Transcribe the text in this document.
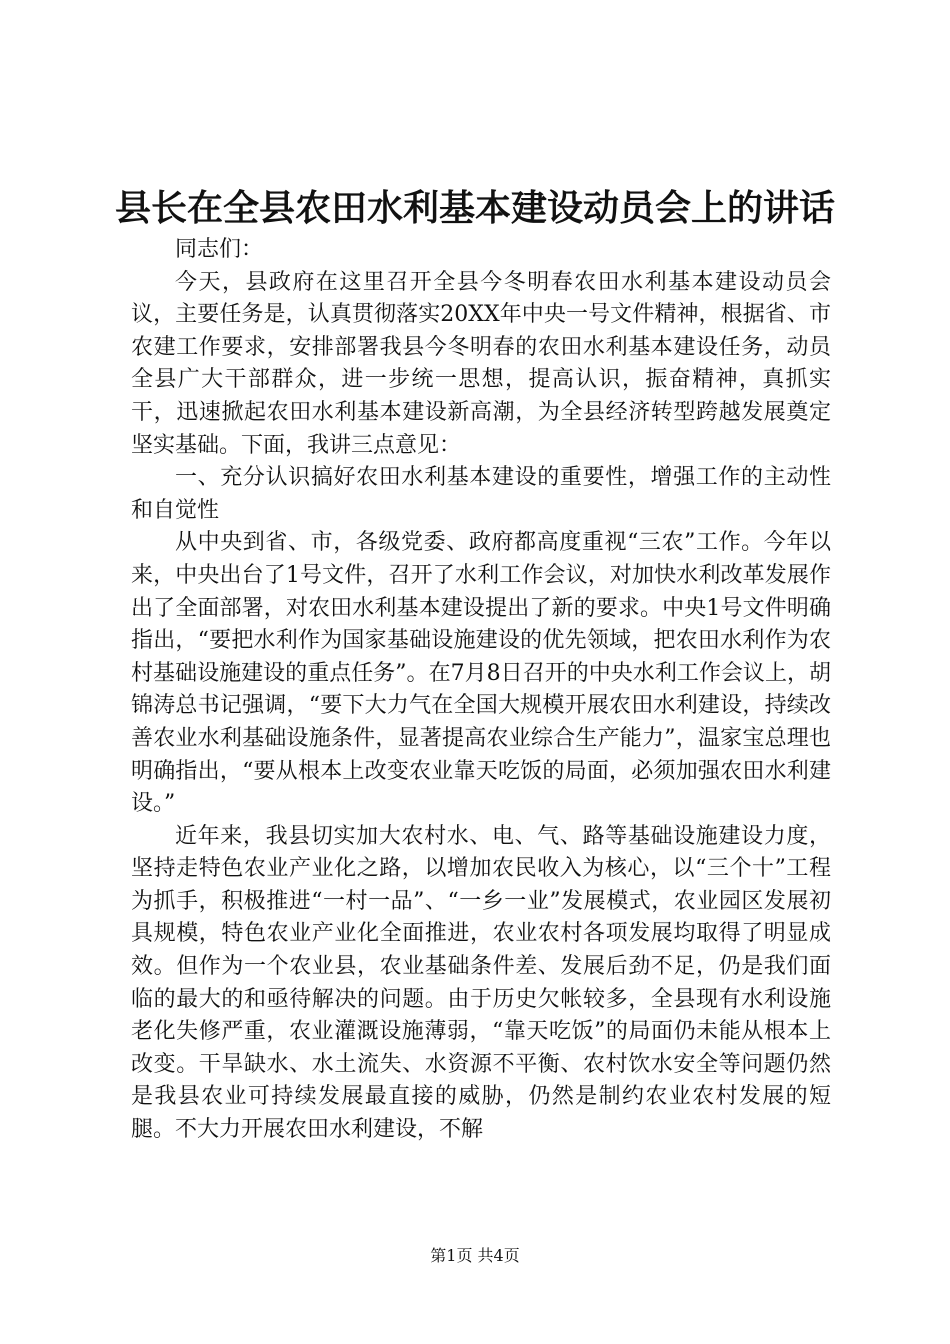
县长在全县农田水利基本建设动员会上的讲话

同志们：

今天，县政府在这里召开全县今冬明春农田水利基本建设动员会议，主要任务是，认真贯彻落实20XX年中央一号文件精神，根据省、市农建工作要求，安排部署我县今冬明春的农田水利基本建设任务，动员全县广大干部群众，进一步统一思想，提高认识，振奋精神，真抓实干，迅速掀起农田水利基本建设新高潮，为全县经济转型跨越发展奠定坚实基础。下面，我讲三点意见：

一、充分认识搞好农田水利基本建设的重要性，增强工作的主动性和自觉性

从中央到省、市，各级党委、政府都高度重视“三农”工作。今年以来，中央出台了1号文件，召开了水利工作会议，对加快水利改革发展作出了全面部署，对农田水利基本建设提出了新的要求。中央1号文件明确指出，“要把水利作为国家基础设施建设的优先领域，把农田水利作为农村基础设施建设的重点任务”。在7月8日召开的中央水利工作会议上，胡锦涛总书记强调，“要下大力气在全国大规模开展农田水利建设，持续改善农业水利基础设施条件，显著提高农业综合生产能力”，温家宝总理也明确指出，“要从根本上改变农业靠天吃饭的局面，必须加强农田水利建设。”

近年来，我县切实加大农村水、电、气、路等基础设施建设力度，坚持走特色农业产业化之路，以增加农民收入为核心，以“三个十”工程为抓手，积极推进“一村一品”、“一乡一业”发展模式，农业园区发展初具规模，特色农业产业化全面推进，农业农村各项发展均取得了明显成效。但作为一个农业县，农业基础条件差、发展后劲不足，仍是我们面临的最大的和亟待解决的问题。由于历史欠帐较多，全县现有水利设施老化失修严重，农业灌溉设施薄弱，“靠天吃饭”的局面仍未能从根本上改变。干旱缺水、水土流失、水资源不平衡、农村饮水安全等问题仍然是我县农业可持续发展最直接的威胁，仍然是制约农业农村发展的短腿。不大力开展农田水利建设，不解

第1页 共4页
